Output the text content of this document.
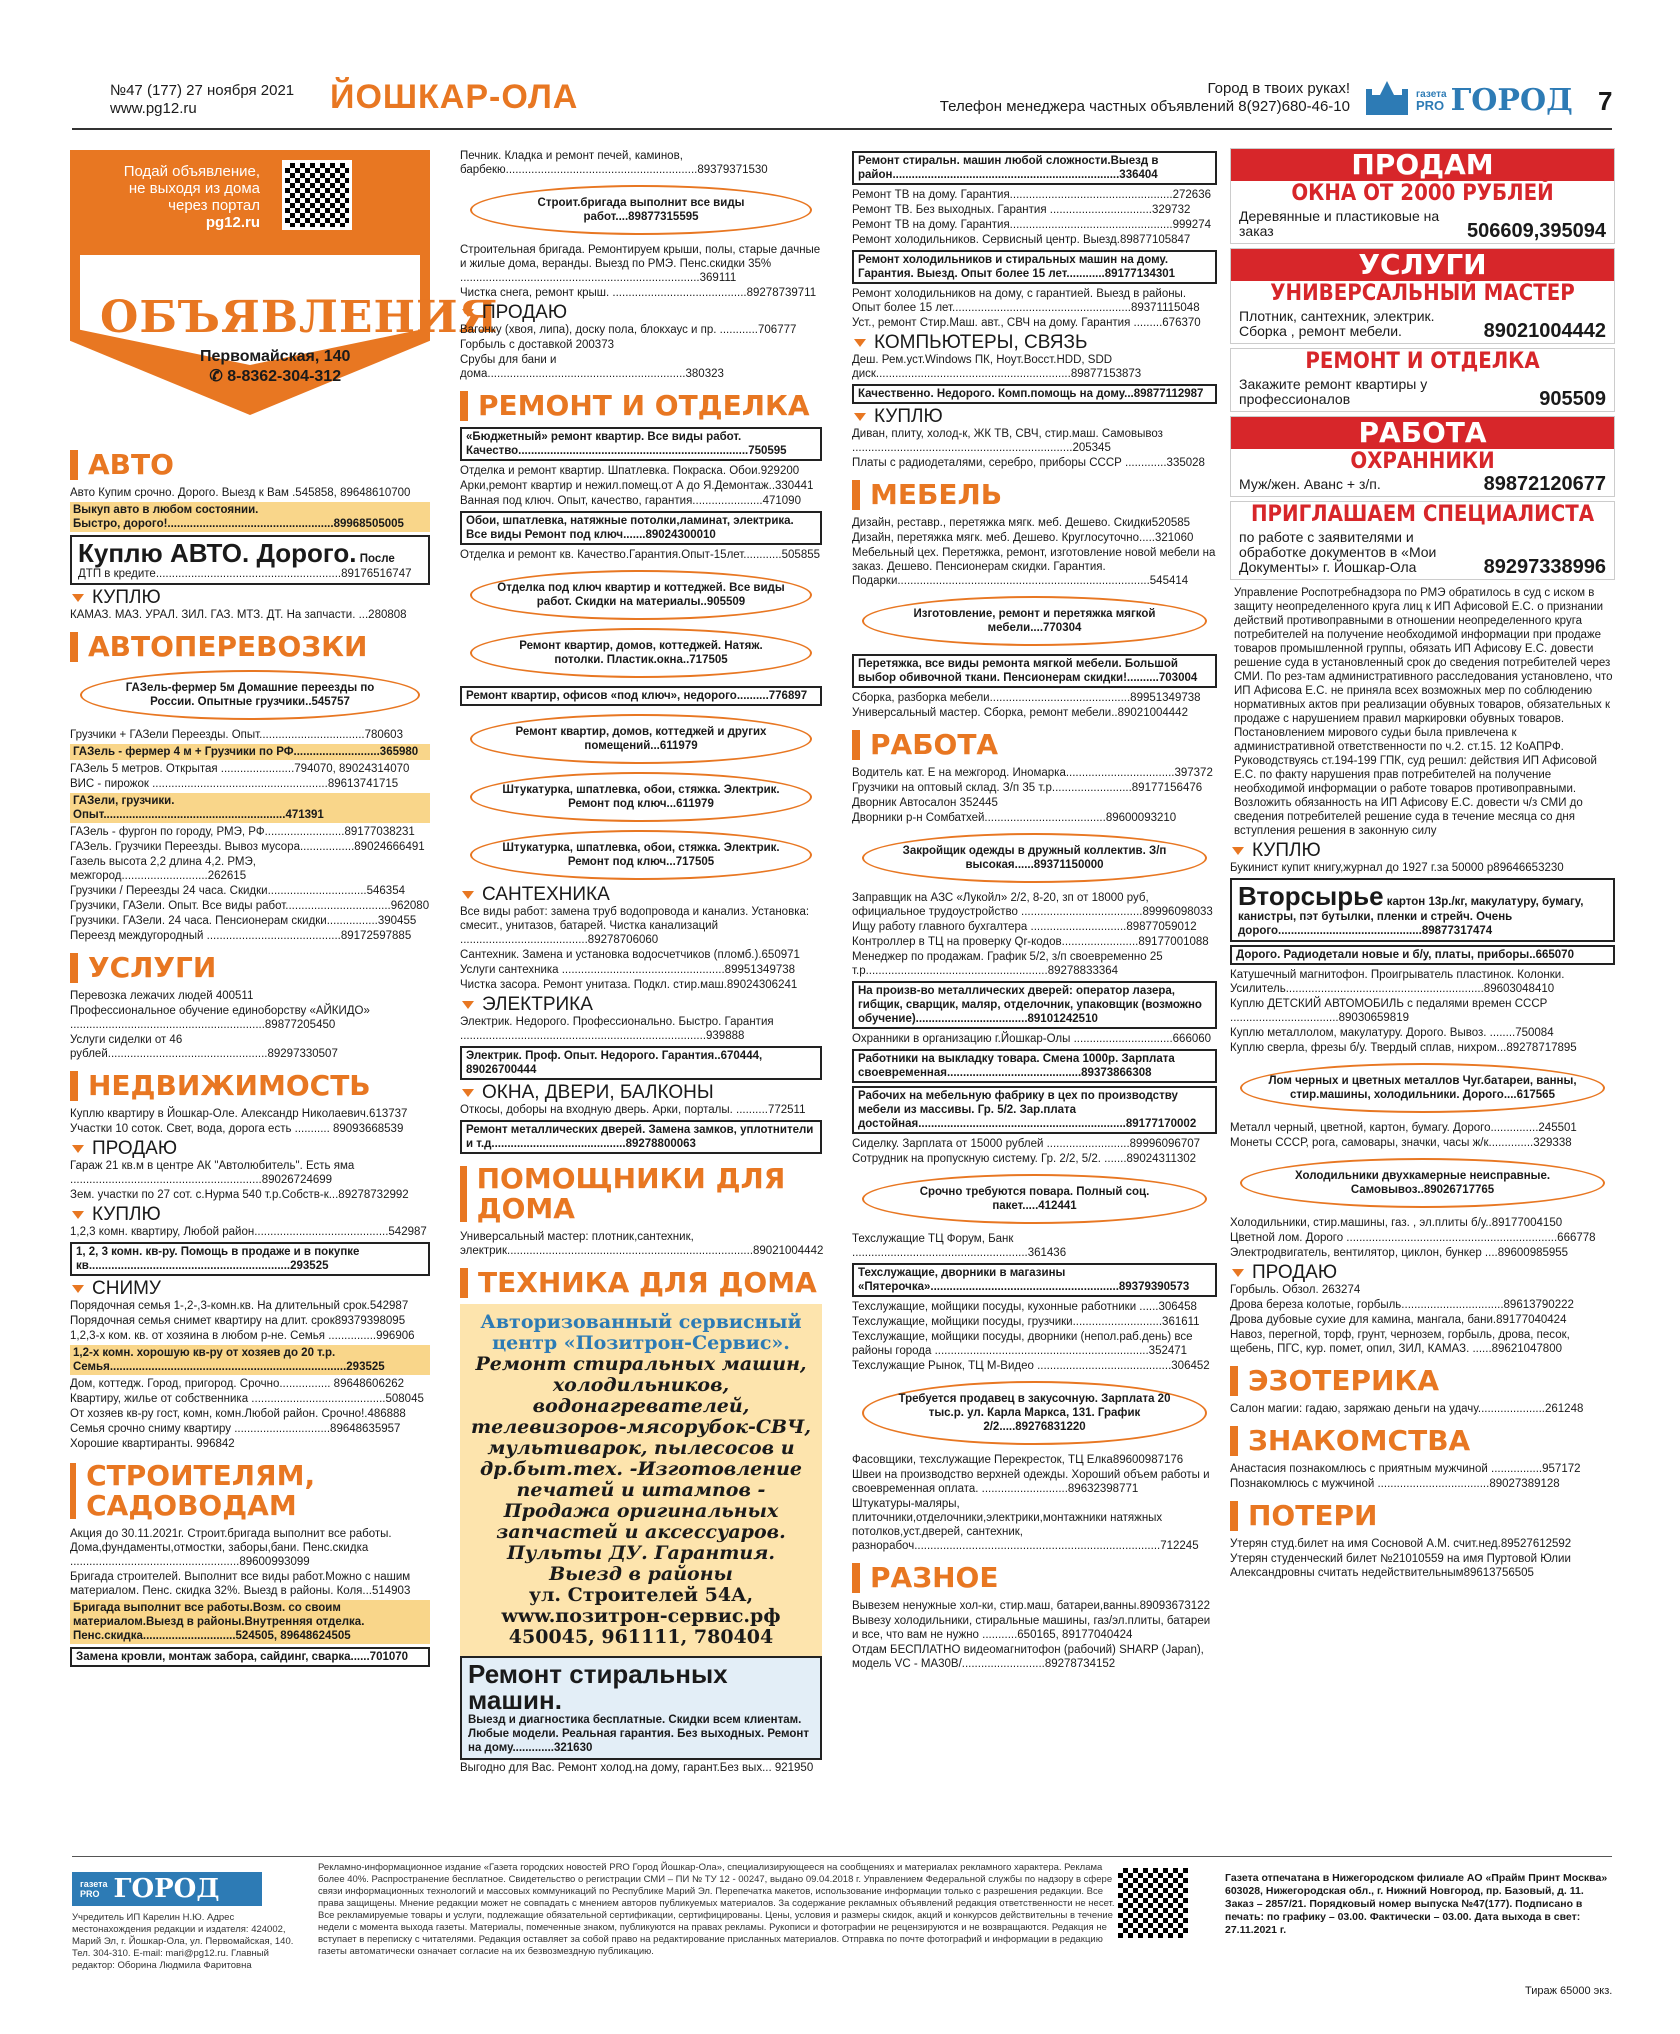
№47 (177) 27 ноября 2021
www.pg12.ru	ЙОШКАР-ОЛА	Город в твоих руках!
Телефон менеджера частных объявлений 8(927)680-46-10
газета
PRO ГОРОД 7
Подай объявление, не выходя из дома через портал
pg12.ru
ОБЪЯВЛЕНИЯ
Первомайская, 140
✆ 8-8362-304-312
АВТО
Авто Купим срочно. Дорого. Выезд к Вам .545858, 89648610700
Выкуп авто в любом состоянии.
Быстро, дорого!....................................................89968505005
Куплю АВТО. Дорого. После
ДТП в кредите..........................................................89176516747
КУПЛЮ
КАМАЗ. МАЗ. УРАЛ. ЗИЛ. ГАЗ. МТЗ. ДТ. На запчасти. ...280808
АВТОПЕРЕВОЗКИ
ГАЗель-фермер 5м Домашние переезды по России. Опытные грузчики..545757
Грузчики + ГАЗели Переезды. Опыт.................................780603
ГАЗель - фермер 4 м + Грузчики по РФ...........................365980
ГАЗель 5 метров. Открытая .......................794070, 89024314070
ВИС - пирожок .......................................................89613741715
ГАЗели, грузчики. Опыт.........................................................471391
ГАЗель - фургон по городу, РМЭ, РФ.........................89177038231
ГАЗель. Грузчики Переезды. Вывоз мусора.................89024666491
Газель высота 2,2 длина 4,2. РМЭ, межгород...........................262615
Грузчики / Переезды 24 часа. Скидки...............................546354
Грузчики, ГАЗели. Опыт. Все виды работ.................................962080
Грузчики. ГАЗели. 24 часа. Пенсионерам скидки................390455
Переезд междугородный ..........................................89172597885
УСЛУГИ
Перевозка лежачих людей 400511
Профессиональное обучение единоборству «АЙКИДО» .............................................................89877205450
Услуги сиделки от 46 рублей..................................................89297330507
НЕДВИЖИМОСТЬ
Куплю квартиру в Йошкар-Оле. Александр Николаевич.613737
Участки 10 соток. Свет, вода, дорога есть ........... 89093668539
ПРОДАЮ
Гараж 21 кв.м в центре АК "Автолюбитель". Есть яма ............................................................89026724699
Зем. участки по 27 сот. с.Нурма 540 т.р.Собств-к...89278732992
КУПЛЮ
1,2,3 комн. квартиру, Любой район..........................................542987
1, 2, 3 комн. кв-ру. Помощь в продаже и в покупке кв...............................................................293525
СНИМУ
Порядочная семья 1-,2-,3-комн.кв. На длительный срок.542987
Порядочная семья снимет квартиру на длит. срок89379398095
1,2,3-х ком. кв. от хозяина в любом р-не. Семья ...............996906
1,2-х комн. хорошую кв-ру от хозяев до 20 т.р. Семья..........................................................................293525
Дом, коттедж. Город, пригород. Срочно................ 89648606262
Квартиру, жилье от собственника ..........................................508045
От хозяев кв-ру гост, комн, комн.Любой район. Срочно!.486888
Семья срочно сниму квартиру ..............................89648635957
Хорошие квартиранты. 996842
СТРОИТЕЛЯМ, САДОВОДАМ
Акция до 30.11.2021г. Строит.бригада выполнит все работы. Дома,фундаменты,отмостки, заборы,бани. Пенс.скидка .....................................................89600993099
Бригада строителей. Выполнит все виды работ.Можно с нашим материалом. Пенс. скидка 32%. Выезд в районы. Коля...514903
Бригада выполнит все работы.Возм. со своим материалом.Выезд в районы.Внутренняя отделка. Пенс.скидка.............................524505, 89648624505
Замена кровли, монтаж забора, сайдинг, сварка......701070
Печник. Кладка и ремонт печей, каминов, барбекю............................................................89379371530
Строит.бригада выполнит все виды работ....89877315595
Строительная бригада. Ремонтируем крыши, полы, старые дачные и жилые дома, веранды. Выезд по РМЭ. Пенс.скидки 35% ...........................................................................369111
Чистка снега, ремонт крыш. ..........................................89278739711
ПРОДАЮ
Вагонку (хвоя, липа), доску пола, блокхаус и пр. ............706777
Горбыль с доставкой 200373
Срубы для бани и дома..............................................................380323
РЕМОНТ И ОТДЕЛКА
«Бюджетный» ремонт квартир. Все виды работ. Качество........................................................................750595
Отделка и ремонт квартир. Шпатлевка. Покраска. Обои.929200
Арки,ремонт квартир и нежил.помещ.от А до Я.Демонтаж..330441
Ванная под ключ. Опыт, качество, гарантия......................471090
Обои, шпатлевка, натяжные потолки,ламинат, электрика. Все виды Ремонт под ключ.......89024300010
Отделка и ремонт кв. Качество.Гарантия.Опыт-15лет............505855
Отделка под ключ квартир и коттеджей. Все виды работ. Скидки на материалы..905509
Ремонт квартир, домов, коттеджей. Натяж. потолки. Пластик.окна..717505
Ремонт квартир, офисов «под ключ», недорого..........776897
Ремонт квартир, домов, коттеджей и других помещений...611979
Штукатурка, шпатлевка, обои, стяжка. Электрик. Ремонт под ключ...611979
Штукатурка, шпатлевка, обои, стяжка. Электрик. Ремонт под ключ...717505
САНТЕХНИКА
Все виды работ: замена труб водопровода и канализ. Установка: смесит., унитазов, батарей. Чистка канализаций ........................................89278706060
Сантехник. Замена и установка водосчетчиков (пломб.).650971
Услуги сантехника ...................................................89951349738
Чистка засора. Ремонт унитаза. Подкл. стир.маш.89024306241
ЭЛЕКТРИКА
Электрик. Недорого. Профессионально. Быстро. Гарантия .............................................................................939888
Электрик. Проф. Опыт. Недорого. Гарантия..670444, 89026700444
ОКНА, ДВЕРИ, БАЛКОНЫ
Откосы, доборы на входную дверь. Арки, порталы. ..........772511
Ремонт металлических дверей. Замена замков, уплотнители и т.д..........................................89278800063
ПОМОЩНИКИ ДЛЯ ДОМА
Универсальный мастер: плотник,сантехник, электрик.............................................................................89021004442
ТЕХНИКА ДЛЯ ДОМА
Авторизованный сервисный центр «Позитрон-Сервис».
Ремонт стиральных машин, холодильников, водонагревателей, телевизоров-мясорубок-СВЧ, мультиварок, пылесосов и др.быт.тех. -Изготовление печатей и штампов - Продажа оригинальных запчастей и аксессуаров. Пульты ДУ. Гарантия. Выезд в районы
ул. Строителей 54А, www.позитрон-сервис.рф 450045, 961111, 780404
Ремонт стиральных машин.
Выезд и диагностика бесплатные. Скидки всем клиентам. Любые модели. Реальная гарантия. Без выходных. Ремонт на дому.............321630
Выгодно для Вас. Ремонт холод.на дому, гарант.Без вых... 921950
Ремонт стиральн. машин любой сложности.Выезд в район.......................................................................336404
Ремонт ТВ на дому. Гарантия...................................................272636
Ремонт ТВ. Без выходных. Гарантия ................................329732
Ремонт ТВ на дому. Гарантия...................................................999274
Ремонт холодильников. Сервисный центр. Выезд.89877105847
Ремонт холодильников и стиральных машин на дому. Гарантия. Выезд. Опыт более 15 лет............89177134301
Ремонт холодильников на дому, с гарантией. Выезд в районы. Опыт более 15 лет........................................................89371115048
Уст., ремонт Стир.Маш. авт., СВЧ на дому. Гарантия .........676370
КОМПЬЮТЕРЫ, СВЯЗЬ
Деш. Рем.уст.Windows ПК, Ноут.Восст.HDD, SDD диск.............................................................89877153873
Качественно. Недорого. Комп.помощь на дому...89877112987
КУПЛЮ
Диван, плиту, холод-к, ЖК ТВ, СВЧ, стир.маш. Самовывоз .....................................................................205345
Платы с радиодеталями, серебро, приборы СССР .............335028
МЕБЕЛЬ
Дизайн, реставр., перетяжка мягк. меб. Дешево. Скидки520585
Дизайн, перетяжка мягк. меб. Дешево. Круглосуточно.....321060
Мебельный цех. Перетяжка, ремонт, изготовление новой мебели на заказ. Дешево. Пенсионерам скидки. Гарантия. Подарки...............................................................................545414
Изготовление, ремонт и перетяжка мягкой мебели....770304
Перетяжка, все виды ремонта мягкой мебели. Большой выбор обивочной ткани. Пенсионерам скидки!..........703004
Сборка, разборка мебели............................................89951349738
Универсальный мастер. Сборка, ремонт мебели..89021004442
РАБОТА
Водитель кат. Е на межгород. Иномарка..................................397372
Грузчики на оптовый склад. З/п 35 т.р.........................89177156476
Дворник Автосалон 352445
Дворники р-н Сомбатхей......................................89600093210
Закройщик одежды в дружный коллектив. З/п высокая......89371150000
Заправщик на АЗС «Лукойл» 2/2, 8-20, зп от 18000 руб, официальное трудоустройство ......................................89996098033
Ищу работу главного бухгалтера ..............................89877059012
Контроллер в ТЦ на проверку Qr-кодов........................89177001088
Менеджер по продажам. График 5/2, з/п своевременно 25 т.р.........................................................89278833364
На произв-во металлических дверей: оператор лазера, гибщик, сварщик, маляр, отделочник, упаковщик (возможно обучение)...................................89101242510
Охранники в организацию г.Йошкар-Олы ...............................666060
Работники на выкладку товара. Смена 1000р. Зарплата своевременная..........................................89373866308
Рабочих на мебельную фабрику в цех по производству мебели из массивы. Гр. 5/2. Зар.плата достойная.................................................................89177170002
Сиделку. Зарплата от 15000 рублей ..........................89996096707
Сотрудник на пропускную систему. Гр. 2/2, 5/2. .......89024311302
Срочно требуются повара. Полный соц. пакет.....412441
Техслужащие ТЦ Форум, Банк .......................................................361436
Техслужащие, дворники в магазины «Пятерочка»...........................................................89379390573
Техслужащие, мойщики посуды, кухонные работники ......306458
Техслужащие, мойщики посуды, грузчики............................361611
Техслужащие, мойщики посуды, дворники (непол.раб.день) все районы города ...................................................................352471
Техслужащие Рынок, ТЦ М-Видео ..........................................306452
Требуется продавец в закусочную. Зарплата 20 тыс.р. ул. Карла Маркса, 131. График 2/2.....89276831220
Фасовщики, техслужащие Перекресток, ТЦ Елка89600987176
Швеи на производство верхней одежды. Хороший объем работы и своевременная оплата. ...........................89632398771
Штукатуры-маляры, плиточники,отделочники,электрики,монтажники натяжных потолков,уст.дверей, сантехник, разнорабоч.............................................................................712245
РАЗНОЕ
Вывезем ненужные хол-ки, стир.маш, батареи,ванны.89093673122
Вывезу холодильники, стиральные машины, газ/эл.плиты, батареи и все, что вам не нужно ...........650165, 89177040424
Отдам БЕСПЛАТНО видеомагнитофон (рабочий) SHARP (Japan), модель VC - MA30B/..........................89278734152
ПРОДАМ
ОКНА ОТ 2000 РУБЛЕЙ
Деревянные и пластиковые на заказ	506609,395094
УСЛУГИ
УНИВЕРСАЛЬНЫЙ МАСТЕР
Плотник, сантехник, электрик. Сборка , ремонт мебели.	89021004442
РЕМОНТ И ОТДЕЛКА
Закажите ремонт квартиры у профессионалов	905509
РАБОТА
ОХРАННИКИ
Муж/жен. Аванс + з/п.	89872120677
ПРИГЛАШАЕМ СПЕЦИАЛИСТА
по работе с заявителями и обработке документов в «Мои Документы» г. Йошкар-Ола	89297338996
Управление Роспотребнадзора по РМЭ обратилось в суд с иском в защиту неопределенного круга лиц к ИП Афисовой Е.С. о признании действий противоправными в отношении неопределенного круга потребителей на получение необходимой информации при продаже товаров промышленной группы, обязать ИП Афисову Е.С. довести решение суда в установленный срок до сведения потребителей через СМИ. По рез-там административного расследования установлено, что ИП Афисова Е.С. не приняла всех возможных мер по соблюдению нормативных актов при реализации обувных товаров, обязательных к продаже с нарушением правил маркировки обувных товаров. Постановлением мирового судьи была привлечена к административной ответственности по ч.2. ст.15. 12 КоАПРФ. Руководствуясь ст.194-199 ГПК, суд решил: действия ИП Афисовой Е.С. по факту нарушения прав потребителей на получение необходимой информации о работе товаров противоправными. Возложить обязанность на ИП Афисову Е.С. довести ч/з СМИ до сведения потребителей решение суда в течение месяца со дня вступления решения в законную силу
КУПЛЮ
Букинист купит книгу,журнал до 1927 г.за 50000 р89646653230
Вторсырье картон 13р./кг, макулатуру, бумагу, канистры, пэт бутылки, пленки и стрейч. Очень дорого.............................................89877317474
Дорого. Радиодетали новые и б/у, платы, приборы..665070
Катушечный магнитофон. Проигрыватель пластинок. Колонки. Усилитель..............................................................89603048410
Куплю ДЕТСКИЙ АВТОМОБИЛЬ с педалями времен СССР ..................................89030659819
Куплю металлолом, макулатуру. Дорого. Вывоз. ........750084
Куплю сверла, фрезы б/у. Твердый сплав, нихром...89278717895
Лом черных и цветных металлов Чуг.батареи, ванны, стир.машины, холодильники. Дорого....617565
Металл черный, цветной, картон, бумагу. Дорого...............245501
Монеты СССР, рога, самовары, значки, часы ж/к..............329338
Холодильники двухкамерные неисправные. Самовывоз..89026717765
Холодильники, стир.машины, газ. , эл.плиты б/у..89177004150
Цветной лом. Дорого ..................................................................666778
Электродвигатель, вентилятор, циклон, бункер ....89600985955
ПРОДАЮ
Горбыль. Обзол. 263274
Дрова береза колотые, горбыль................................89613790222
Дрова дубовые сухие для камина, мангала, бани.89177040424
Навоз, перегной, торф, грунт, чернозем, горбыль, дрова, песок, щебень, ПГС, кур. помет, опил, ЗИЛ, КАМАЗ. ......89621047800
ЭЗОТЕРИКА
Салон магии: гадаю, заряжаю деньги на удачу.....................261248
ЗНАКОМСТВА
Анастасия познакомлюсь с приятным мужчиной ................957172
Познакомлюсь с мужчиной ...................................89027389128
ПОТЕРИ
Утерян студ.билет на имя Сосновой А.М. счит.нед.89527612592
Утерян студенческий билет №21010559 на имя Пуртовой Юлии Александровны считать недействительным89613756505
газета
PRO ГОРОД
Учредитель ИП Карелин Н.Ю. Адрес местонахождения редакции и издателя: 424002, Марий Эл, г. Йошкар-Ола, ул. Первомайская, 140. Тел. 304-310. E-mail: mari@pg12.ru. Главный редактор: Оборина Людмила Фаритовна
Рекламно-информационное издание «Газета городских новостей PRO Город Йошкар-Ола», специализирующееся на сообщениях и материалах рекламного характера. Реклама более 40%. Распространение бесплатное. Свидетельство о регистрации СМИ – ПИ № ТУ 12 - 00247, выдано 09.04.2018 г. Управлением Федеральной службы по надзору в сфере связи информационных технологий и массовых коммуникаций по Республике Марий Эл. Перепечатка макетов, использование информации только с разрешения редакции. Все права защищены. Мнение редакции может не совпадать с мнением авторов публикуемых материалов. За содержание рекламных объявлений редакция ответственности не несет. Все рекламируемые товары и услуги, подлежащие обязательной сертификации, сертифицированы. Цены, условия и размеры скидок, акций и конкурсов действительны в течение недели с момента выхода газеты. Материалы, помеченные знаком, публикуются на правах рекламы. Рукописи и фотографии не рецензируются и не возвращаются. Редакция не вступает в переписку с читателями. Редакция оставляет за собой право на редактирование присланных материалов. Отправка по почте фотографий и информации в редакцию газеты автоматически означает согласие на их безвозмездную публикацию.
Газета отпечатана в Нижегородском филиале АО «Прайм Принт Москва» 603028, Нижегородская обл., г. Нижний Новгород, пр. Базовый, д. 11. Заказ – 2857/21. Порядковый номер выпуска №47(177). Подписано в печать: по графику – 03.00. Фактически – 03.00. Дата выхода в свет: 27.11.2021 г.
Тираж 65000 экз.
